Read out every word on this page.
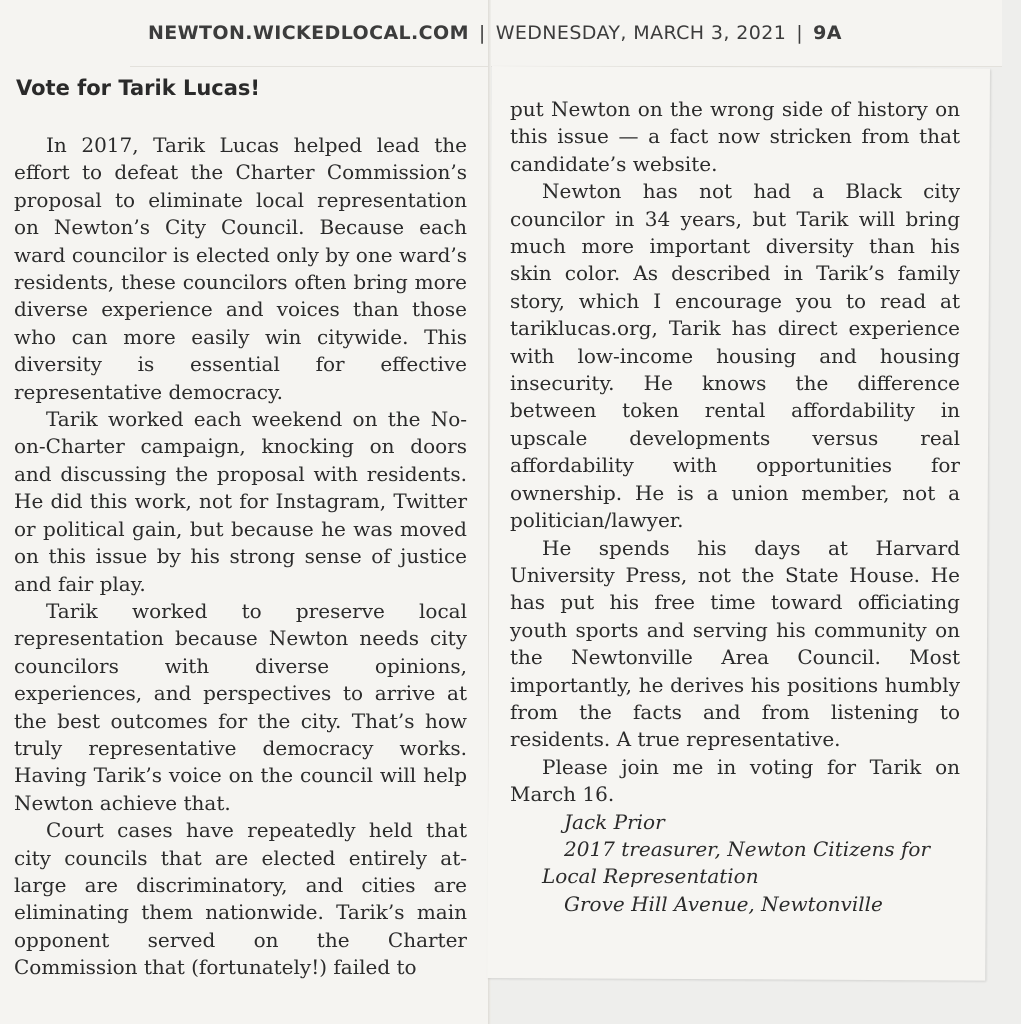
NEWTON.WICKEDLOCAL.COM | WEDNESDAY, MARCH 3, 2021 | 9A
Vote for Tarik Lucas!

In 2017, Tarik Lucas helped lead the effort to defeat the Charter Commission’s proposal to eliminate local representation on Newton’s City Council. Because each ward councilor is elected only by one ward’s residents, these councilors often bring more diverse experience and voices than those who can more easily win citywide. This diversity is essential for effective representative democracy.

Tarik worked each weekend on the No-on-Charter campaign, knocking on doors and discussing the proposal with residents. He did this work, not for Instagram, Twitter or political gain, but because he was moved on this issue by his strong sense of justice and fair play.

Tarik worked to preserve local representation because Newton needs city councilors with diverse opinions, experiences, and perspectives to arrive at the best outcomes for the city. That’s how truly representative democracy works. Having Tarik’s voice on the council will help Newton achieve that.

Court cases have repeatedly held that city councils that are elected entirely at-large are discriminatory, and cities are eliminating them nationwide. Tarik’s main opponent served on the Charter Commission that (fortunately!) failed to

put Newton on the wrong side of history on this issue — a fact now stricken from that candidate’s website.

Newton has not had a Black city councilor in 34 years, but Tarik will bring much more important diversity than his skin color. As described in Tarik’s family story, which I encourage you to read at tariklucas.org, Tarik has direct experience with low-income housing and housing insecurity. He knows the difference between token rental affordability in upscale developments versus real affordability with opportunities for ownership. He is a union member, not a politician/lawyer.

He spends his days at Harvard University Press, not the State House. He has put his free time toward officiating youth sports and serving his community on the Newtonville Area Council. Most importantly, he derives his positions humbly from the facts and from listening to residents. A true representative.

Please join me in voting for Tarik on March 16.

Jack Prior

2017 treasurer, Newton Citizens for

Local Representation

Grove Hill Avenue, Newtonville
